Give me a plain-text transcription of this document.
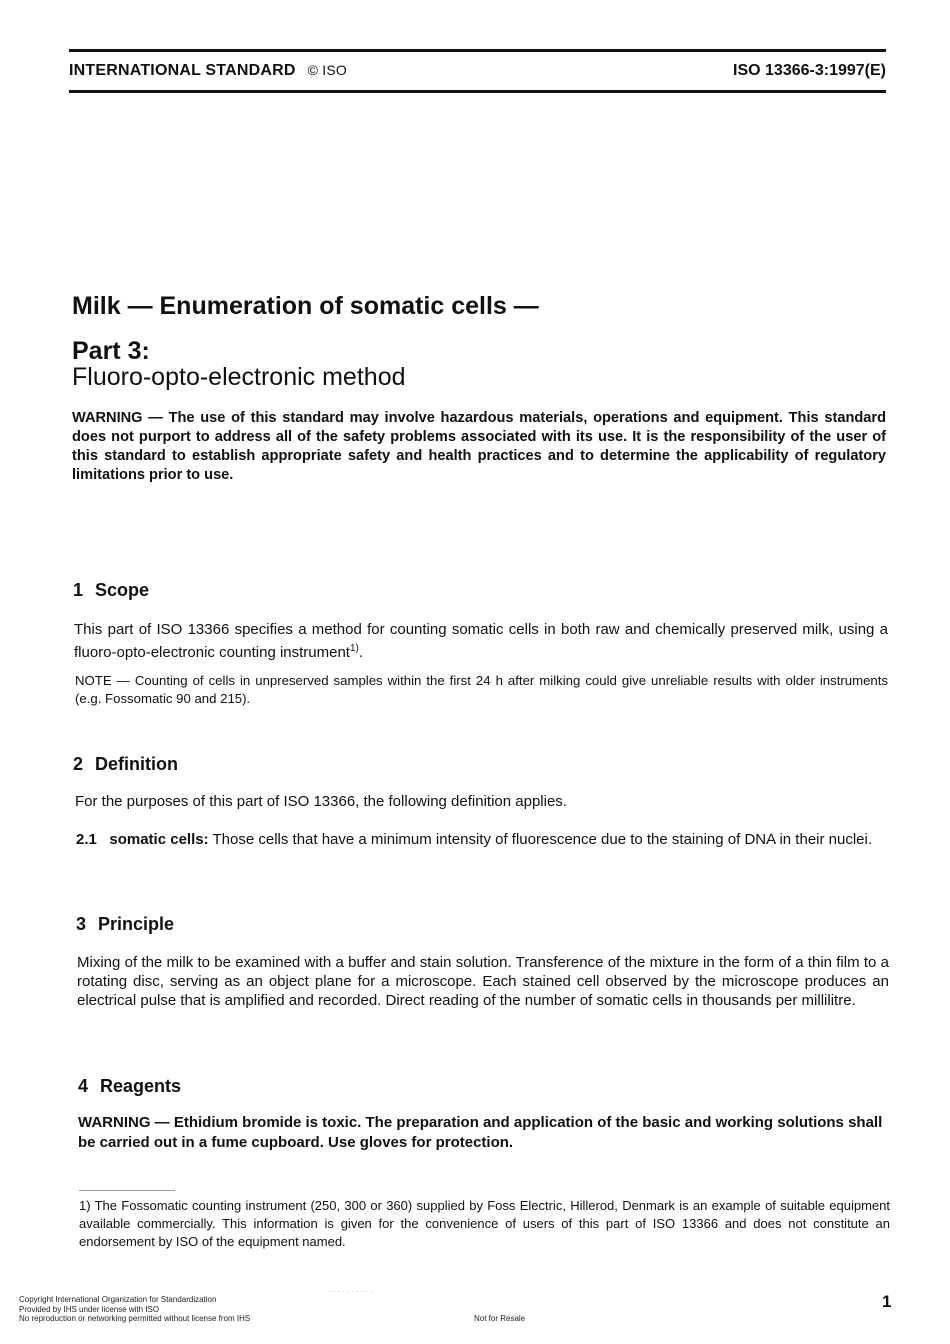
INTERNATIONAL STANDARD © ISO	ISO 13366-3:1997(E)
Milk — Enumeration of somatic cells —
Part 3:
Fluoro-opto-electronic method
WARNING — The use of this standard may involve hazardous materials, operations and equipment. This standard does not purport to address all of the safety problems associated with its use. It is the responsibility of the user of this standard to establish appropriate safety and health practices and to determine the applicability of regulatory limitations prior to use.
1 Scope
This part of ISO 13366 specifies a method for counting somatic cells in both raw and chemically preserved milk, using a fluoro-opto-electronic counting instrument$^{1)}$.
NOTE — Counting of cells in unpreserved samples within the first 24 h after milking could give unreliable results with older instruments (e.g. Fossomatic 90 and 215).
2 Definition
For the purposes of this part of ISO 13366, the following definition applies.
2.1 somatic cells: Those cells that have a minimum intensity of fluorescence due to the staining of DNA in their nuclei.
3 Principle
Mixing of the milk to be examined with a buffer and stain solution. Transference of the mixture in the form of a thin film to a rotating disc, serving as an object plane for a microscope. Each stained cell observed by the microscope produces an electrical pulse that is amplified and recorded. Direct reading of the number of somatic cells in thousands per millilitre.
4 Reagents
WARNING — Ethidium bromide is toxic. The preparation and application of the basic and working solutions shall be carried out in a fume cupboard. Use gloves for protection.
1) The Fossomatic counting instrument (250, 300 or 360) supplied by Foss Electric, Hillerod, Denmark is an example of suitable equipment available commercially. This information is given for the convenience of users of this part of ISO 13366 and does not constitute an endorsement by ISO of the equipment named.
··········
Copyright International Organization for Standardization
Provided by IHS under license with ISO
No reproduction or networking permitted without license from IHS	Not for Resale
1
